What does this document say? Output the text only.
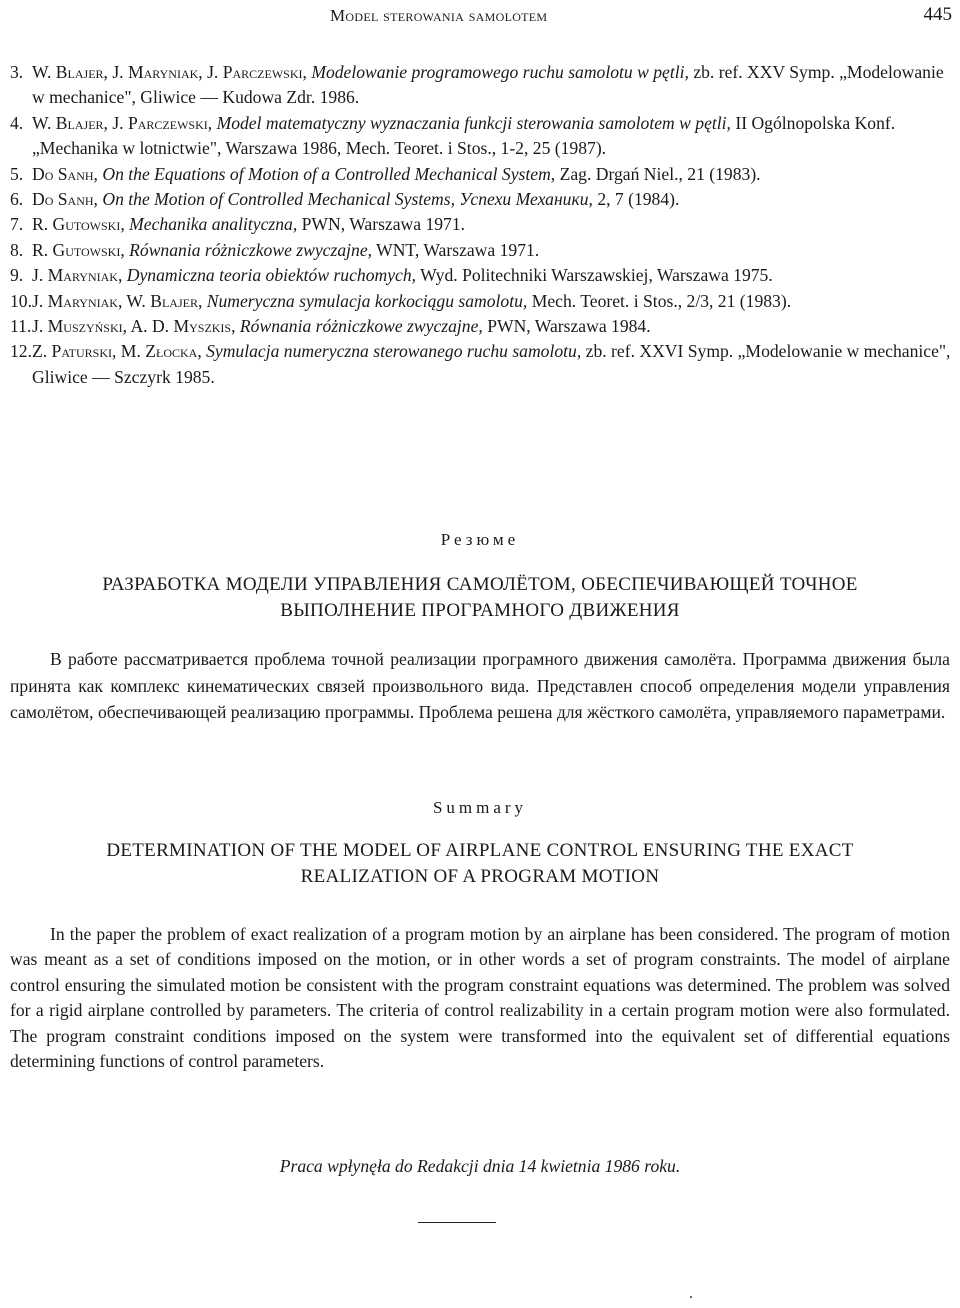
Model sterowania samolotem	445
3. W. Blajer, J. Maryniak, J. Parczewski, Modelowanie programowego ruchu samolotu w pętli, zb. ref. XXV Symp. „Modelowanie w mechanice", Gliwice — Kudowa Zdr. 1986.
4. W. Blajer, J. Parczewski, Model matematyczny wyznaczania funkcji sterowania samolotem w pętli, II Ogólnopolska Konf. „Mechanika w lotnictwie", Warszawa 1986, Mech. Teoret. i Stos., 1-2, 25 (1987).
5. Do Sanh, On the Equations of Motion of a Controlled Mechanical System, Zag. Drgań Niel., 21 (1983).
6. Do Sanh, On the Motion of Controlled Mechanical Systems, Успехи Механики, 2, 7 (1984).
7. R. Gutowski, Mechanika analityczna, PWN, Warszawa 1971.
8. R. Gutowski, Równania różniczkowe zwyczajne, WNT, Warszawa 1971.
9. J. Maryniak, Dynamiczna teoria obiektów ruchomych, Wyd. Politechniki Warszawskiej, Warszawa 1975.
10. J. Maryniak, W. Blajer, Numeryczna symulacja korkociągu samolotu, Mech. Teoret. i Stos., 2/3, 21 (1983).
11. J. Muszyński, A. D. Myszkis, Równania różniczkowe zwyczajne, PWN, Warszawa 1984.
12. Z. Paturski, M. Złocka, Symulacja numeryczna sterowanego ruchu samolotu, zb. ref. XXVI Symp. „Modelowanie w mechanice", Gliwice — Szczyrk 1985.
Резюме
РАЗРАБОТКА МОДЕЛИ УПРАВЛЕНИЯ САМОЛЁТОМ, ОБЕСПЕЧИВАЮЩЕЙ ТОЧНОЕ
ВЫПОЛНЕНИЕ ПРОГРАМНОГО ДВИЖЕНИЯ
В работе рассматривается проблема точной реализации програмного движения самолёта. Программа движения была принята как комплекс кинематических связей произвольного вида. Представлен способ определения модели управления самолётом, обеспечивающей реализацию программы. Проблема решена для жёсткого самолёта, управляемого параметрами.
Summary
DETERMINATION OF THE MODEL OF AIRPLANE CONTROL ENSURING THE EXACT
REALIZATION OF A PROGRAM MOTION
In the paper the problem of exact realization of a program motion by an airplane has been considered. The program of motion was meant as a set of conditions imposed on the motion, or in other words a set of program constraints. The model of airplane control ensuring the simulated motion be consistent with the program constraint equations was determined. The problem was solved for a rigid airplane controlled by parameters. The criteria of control realizability in a certain program motion were also formulated. The program constraint conditions imposed on the system were transformed into the equivalent set of differential equations determining functions of control parameters.
Praca wpłynęła do Redakcji dnia 14 kwietnia 1986 roku.
